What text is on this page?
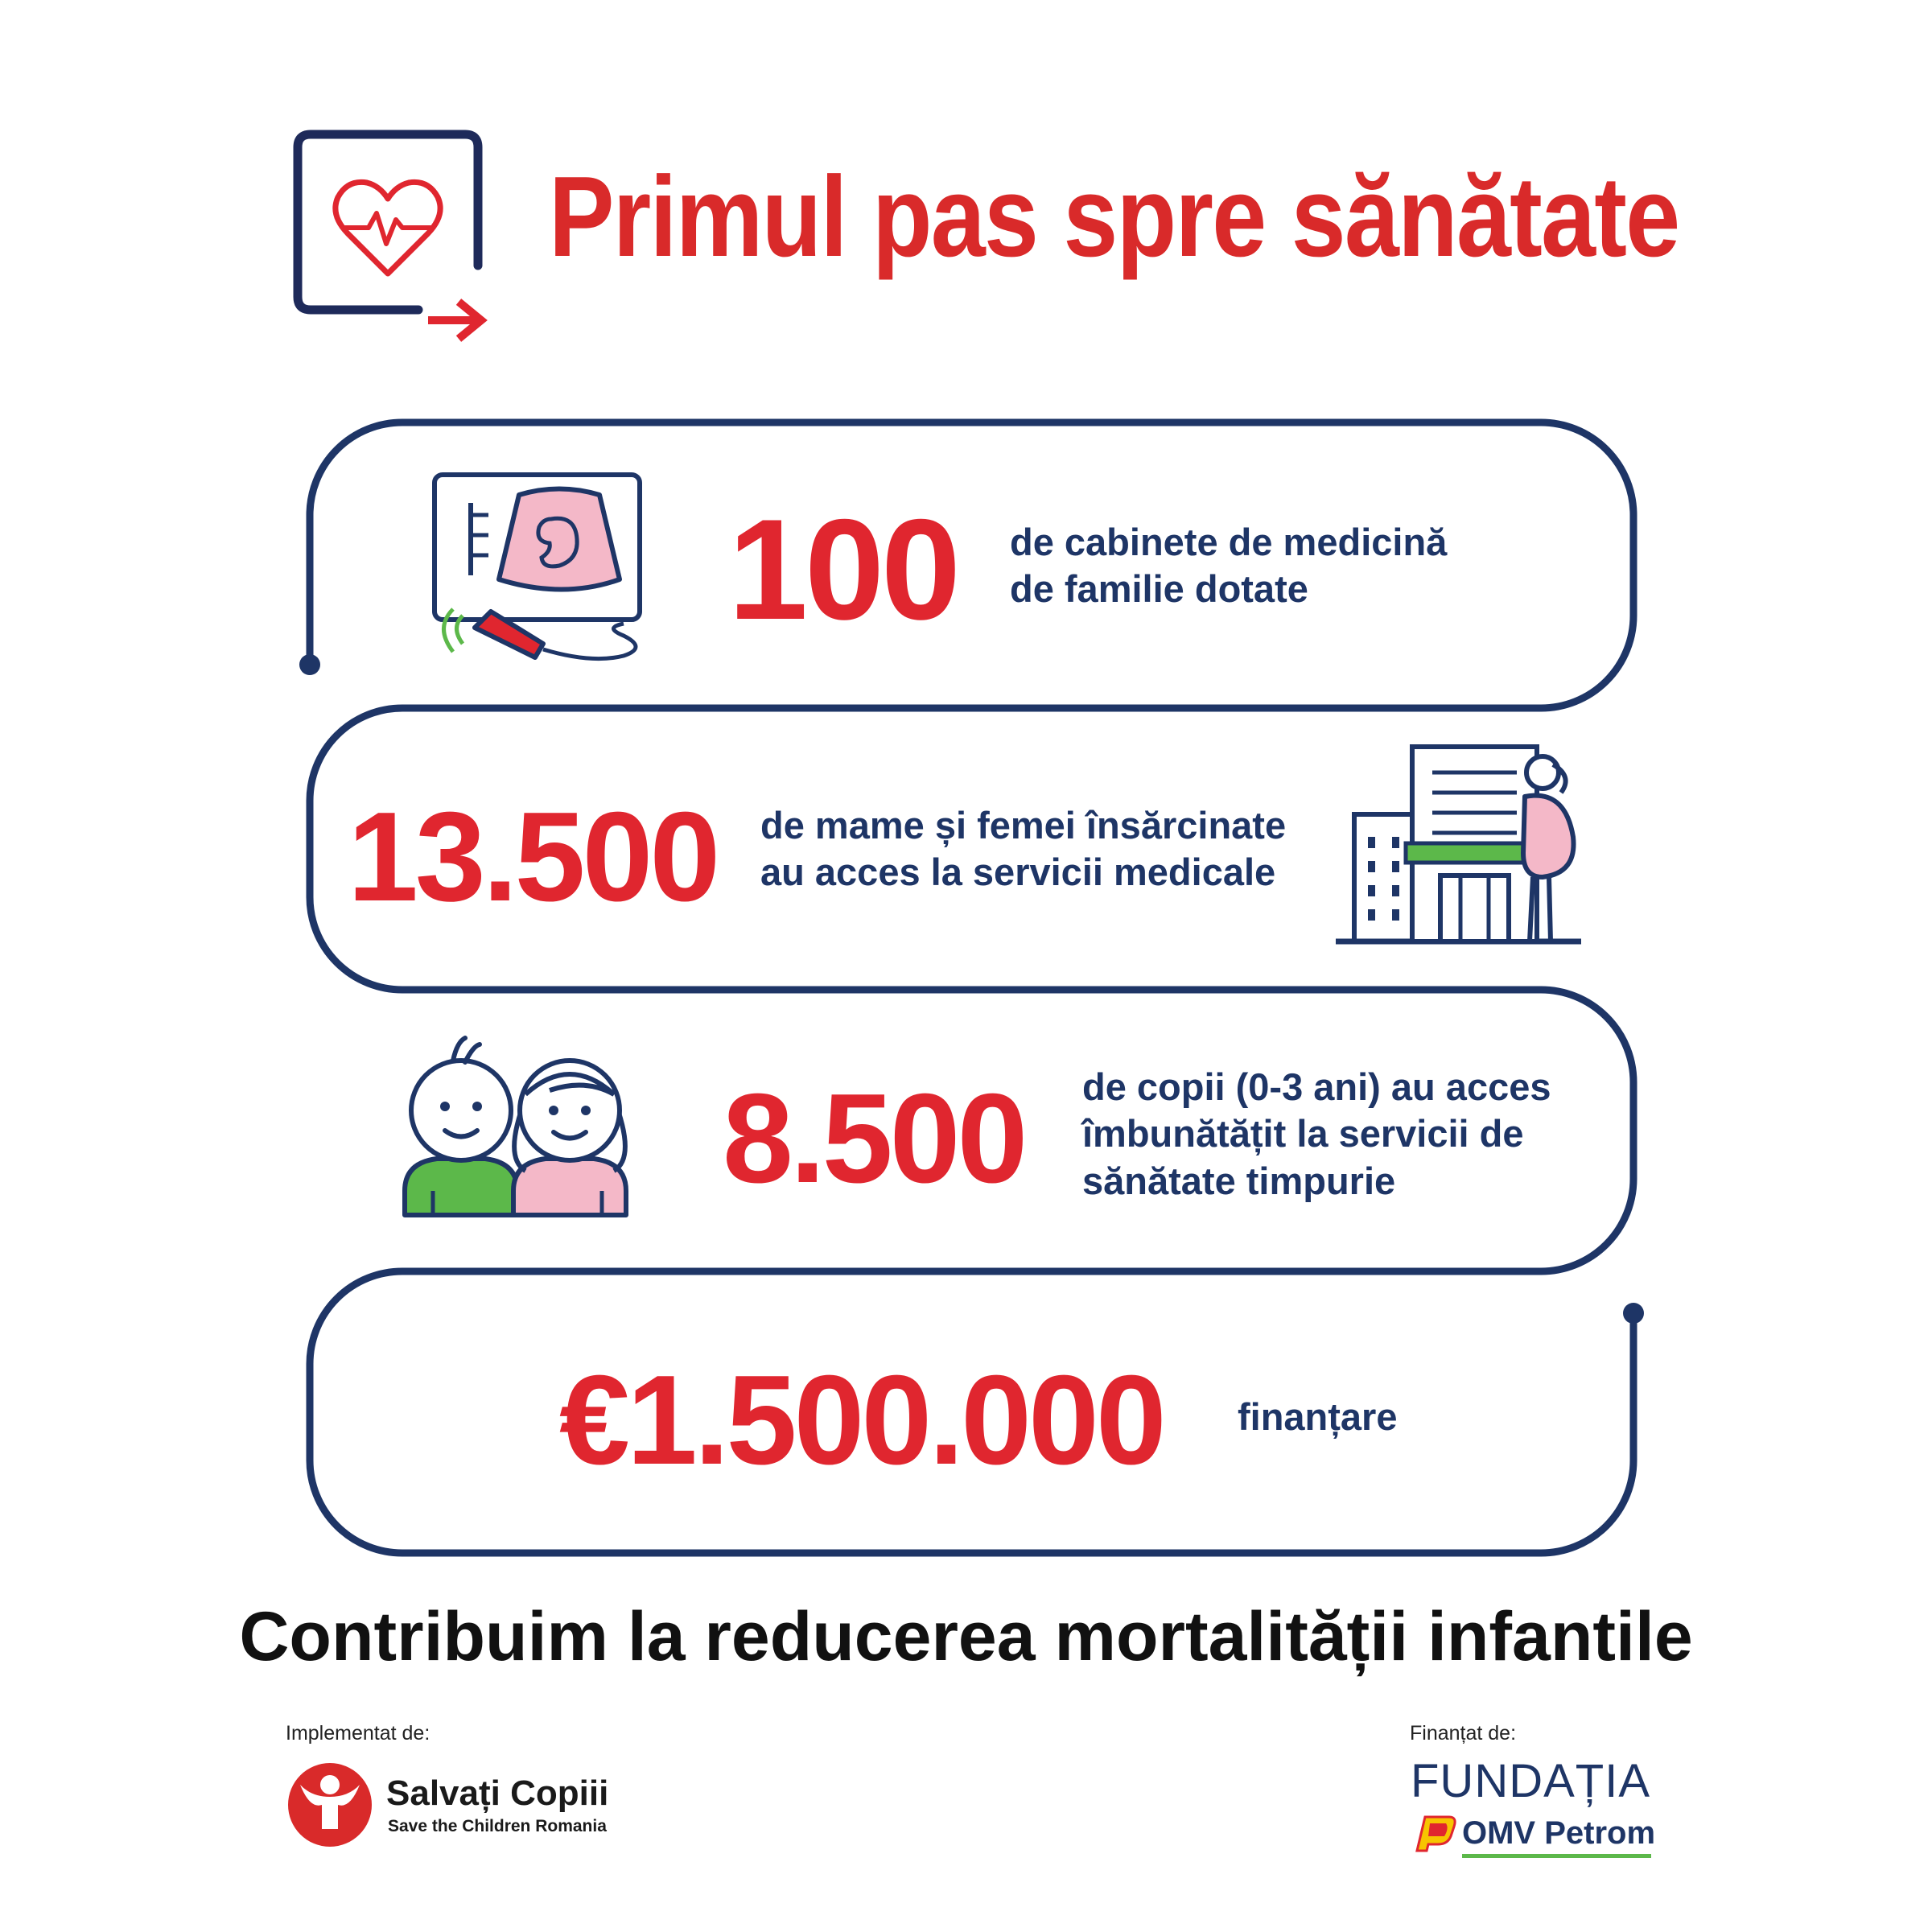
Primul pas spre sănătate
100 de cabinete de medicină
de familie dotate
13.500 de mame și femei însărcinate
au acces la servicii medicale
8.500 de copii (0-3 ani) au acces
îmbunătățit la servicii de
sănătate timpurie
€1.500.000 finanțare
Contribuim la reducerea mortalității infantile
Implementat de:
Salvați Copiii
Save the Children Romania
Finanțat de:
FUNDAȚIA
OMV Petrom
